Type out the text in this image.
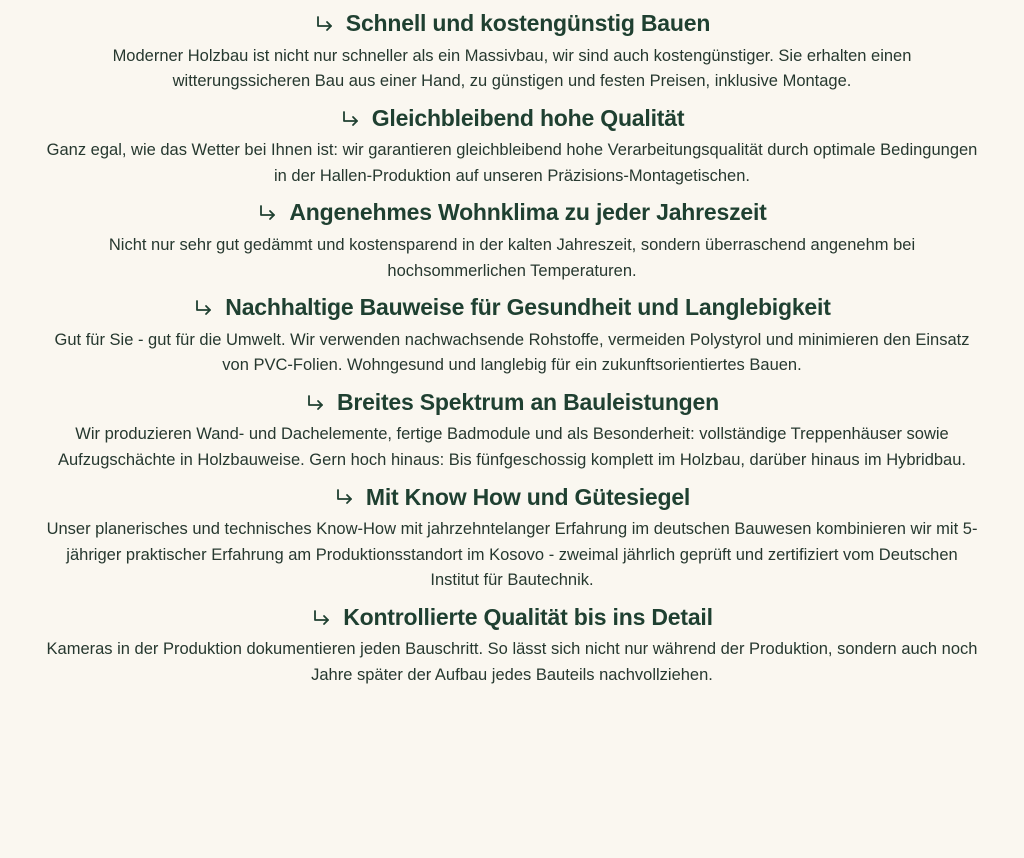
Schnell und kostengünstig Bauen

Moderner Holzbau ist nicht nur schneller als ein Massivbau, wir sind auch kostengünstiger. Sie erhalten einen witterungssicheren Bau aus einer Hand, zu günstigen und festen Preisen, inklusive Montage.

Gleichbleibend hohe Qualität

Ganz egal, wie das Wetter bei Ihnen ist: wir garantieren gleichbleibend hohe Verarbeitungsqualität durch optimale Bedingungen in der Hallen-Produktion auf unseren Präzisions-Montagetischen.

Angenehmes Wohnklima zu jeder Jahreszeit

Nicht nur sehr gut gedämmt und kostensparend in der kalten Jahreszeit, sondern überraschend angenehm bei hochsommerlichen Temperaturen.

Nachhaltige Bauweise für Gesundheit und Langlebigkeit

Gut für Sie - gut für die Umwelt. Wir verwenden nachwachsende Rohstoffe, vermeiden Polystyrol und minimieren den Einsatz von PVC-Folien. Wohngesund und langlebig für ein zukunftsorientiertes Bauen.

Breites Spektrum an Bauleistungen

Wir produzieren Wand- und Dachelemente, fertige Badmodule und als Besonderheit: vollständige Treppenhäuser sowie Aufzugschächte in Holzbauweise. Gern hoch hinaus: Bis fünfgeschossig komplett im Holzbau, darüber hinaus im Hybridbau.

Mit Know How und Gütesiegel

Unser planerisches und technisches Know-How mit jahrzehntelanger Erfahrung im deutschen Bauwesen kombinieren wir mit 5-jähriger praktischer Erfahrung am Produktionsstandort im Kosovo - zweimal jährlich geprüft und zertifiziert vom Deutschen Institut für Bautechnik.

Kontrollierte Qualität bis ins Detail

Kameras in der Produktion dokumentieren jeden Bauschritt. So lässt sich nicht nur während der Produktion, sondern auch noch Jahre später der Aufbau jedes Bauteils nachvollziehen.
